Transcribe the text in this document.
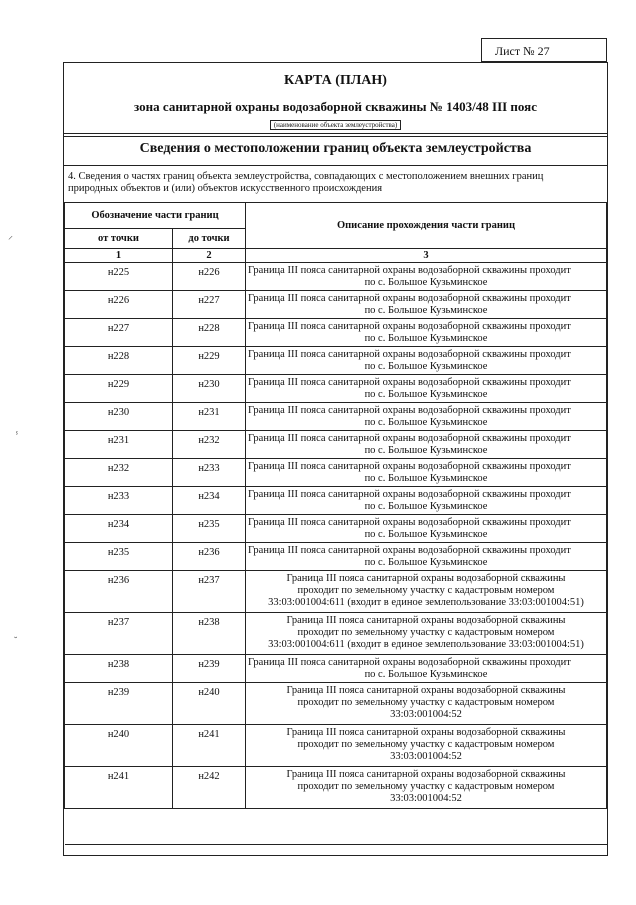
Лист № 27
КАРТА (ПЛАН)
зона санитарной охраны водозаборной скважины № 1403/48 III пояс
(наименование объекта землеустройства)
Сведения о местоположении границ объекта землеустройства
4. Сведения о частях границ объекта землеустройства, совпадающих с местоположением внешних границ природных объектов и (или) объектов искусственного происхождения
Обозначение части границ		Описание прохождения части границ
от точки	до точки	
1	2	3
н225	н226	Граница III пояса санитарной охраны водозаборной скважины проходит
по с. Большое Кузьминское

н226	н227	Граница III пояса санитарной охраны водозаборной скважины проходит
по с. Большое Кузьминское

н227	н228	Граница III пояса санитарной охраны водозаборной скважины проходит
по с. Большое Кузьминское

н228	н229	Граница III пояса санитарной охраны водозаборной скважины проходит
по с. Большое Кузьминское

н229	н230	Граница III пояса санитарной охраны водозаборной скважины проходит
по с. Большое Кузьминское

н230	н231	Граница III пояса санитарной охраны водозаборной скважины проходит
по с. Большое Кузьминское

н231	н232	Граница III пояса санитарной охраны водозаборной скважины проходит
по с. Большое Кузьминское

н232	н233	Граница III пояса санитарной охраны водозаборной скважины проходит
по с. Большое Кузьминское

н233	н234	Граница III пояса санитарной охраны водозаборной скважины проходит
по с. Большое Кузьминское

н234	н235	Граница III пояса санитарной охраны водозаборной скважины проходит
по с. Большое Кузьминское

н235	н236	Граница III пояса санитарной охраны водозаборной скважины проходит
по с. Большое Кузьминское

н236	н237	Граница III пояса санитарной охраны водозаборной скважины
проходит по земельному участку с кадастровым номером
33:03:001004:611 (входит в единое землепользование 33:03:001004:51)

н237	н238	Граница III пояса санитарной охраны водозаборной скважины
проходит по земельному участку с кадастровым номером
33:03:001004:611 (входит в единое землепользование 33:03:001004:51)

н238	н239	Граница III пояса санитарной охраны водозаборной скважины проходит
по с. Большое Кузьминское

н239	н240	Граница III пояса санитарной охраны водозаборной скважины
проходит по земельному участку с кадастровым номером
33:03:001004:52

н240	н241	Граница III пояса санитарной охраны водозаборной скважины
проходит по земельному участку с кадастровым номером
33:03:001004:52

н241	н242	Граница III пояса санитарной охраны водозаборной скважины
проходит по земельному участку с кадастровым номером
33:03:001004:52

⸍
ⸯ
˘
